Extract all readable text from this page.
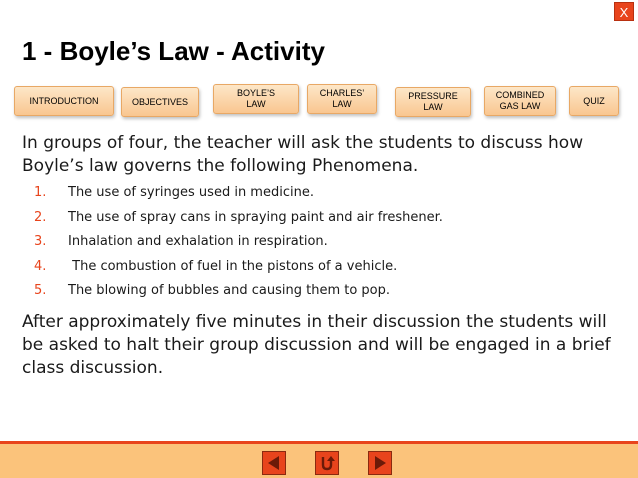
X
1 - Boyle’s Law - Activity
INTRODUCTION	OBJECTIVES
BOYLE’S
LAW
CHARLES’
LAW
PRESSURE
LAW
COMBINED
GAS LAW
QUIZ

In groups of four, the teacher will ask the students to discuss how Boyle’s law governs the following Phenomena.

1.	The use of syringes used in medicine.
2.	The use of spray cans in spraying paint and air freshener.
3.	Inhalation and exhalation in respiration.
4.	The combustion of fuel in the pistons of a vehicle.
5.	The blowing of bubbles and causing them to pop.

After approximately five minutes in their discussion the students will be asked to halt their group discussion and will be engaged in a brief class discussion.
